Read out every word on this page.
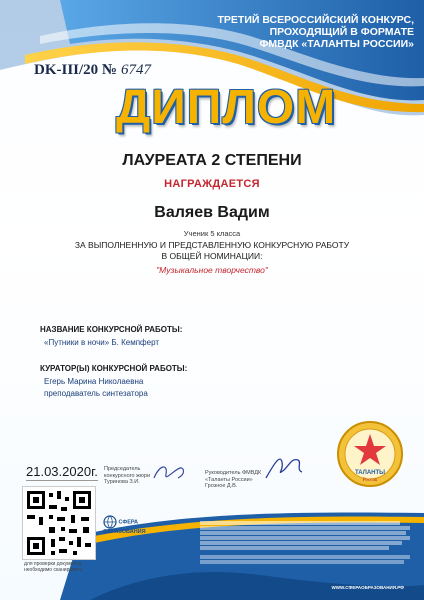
ТРЕТИЙ ВСЕРОССИЙСКИЙ КОНКУРС,
ПРОХОДЯЩИЙ В ФОРМАТЕ
ФМВДК «ТАЛАНТЫ РОССИИ»
DK-III/20 № 6747
ДИПЛОМ
ЛАУРЕАТА 2 СТЕПЕНИ
НАГРАЖДАЕТСЯ
Валяев Вадим
Ученик 5 класса
ЗА ВЫПОЛНЕННУЮ И ПРЕДСТАВЛЕННУЮ КОНКУРСНУЮ РАБОТУ
В ОБЩЕЙ НОМИНАЦИИ:
"Музыкальное творчество"
НАЗВАНИЕ КОНКУРСНОЙ РАБОТЫ:
«Путники в ночи» Б. Кемпферт
КУРАТОР(Ы) КОНКУРСНОЙ РАБОТЫ:
Егерь Марина Николаевна
преподаватель синтезатора
ТАЛАНТЫ
России
21.03.2020г. Председатель
конкурсного жюри
Туринова З.И.
Руководитель ФМВДК
«Таланты России»
Грозное Д.В.
для проверки документа необходимо сканировать
СФЕРА ОБРАЗОВАНИЯ
WWW.СФЕРАОБРАЗОВАНИЯ.РФ
